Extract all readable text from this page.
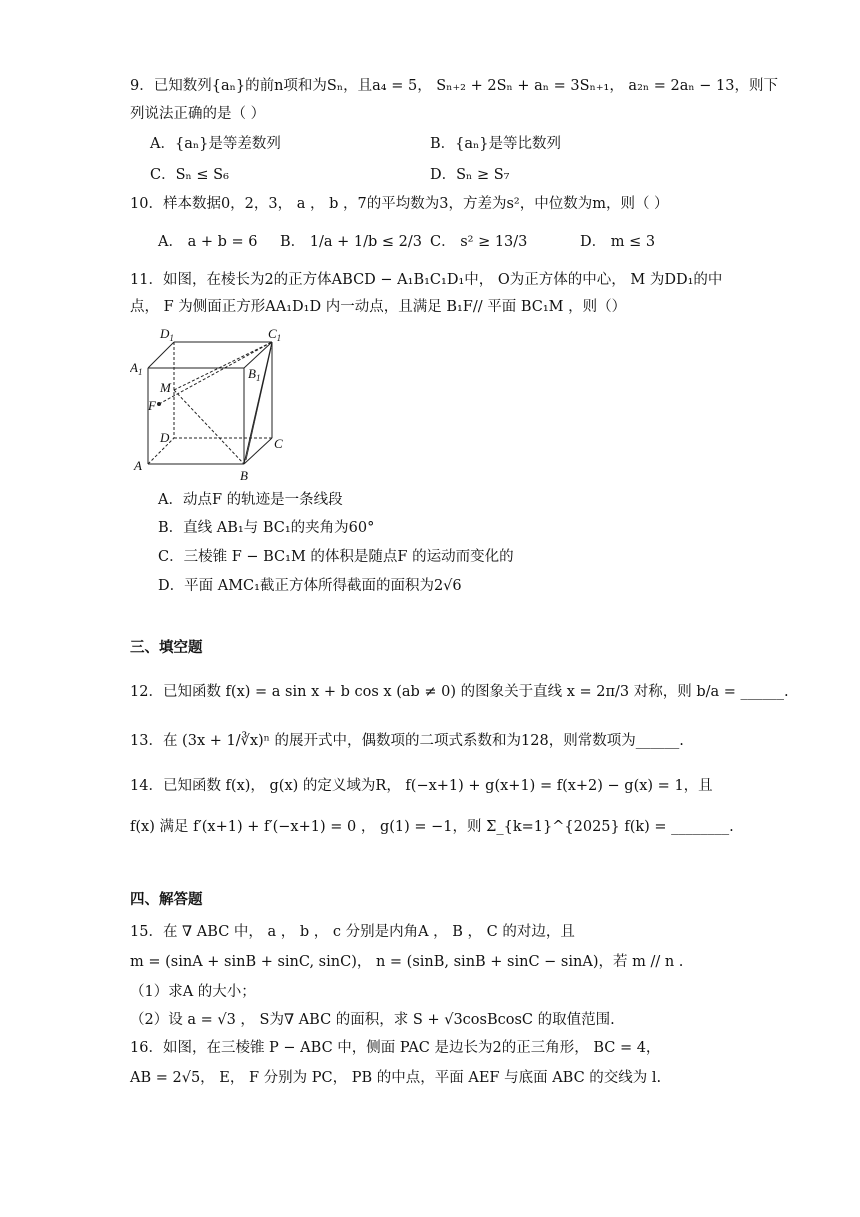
9．已知数列{aₙ}的前n项和为Sₙ，且a₄ = 5， Sₙ₊₂ + 2Sₙ + aₙ = 3Sₙ₊₁， a₂ₙ = 2aₙ − 13，则下
列说法正确的是（ ）
A．{aₙ}是等差数列	B．{aₙ}是等比数列
C．Sₙ ≤ S₆	D．Sₙ ≥ S₇
10．样本数据0，2，3， a ， b ，7的平均数为3，方差为s²，中位数为m，则（ ）
A． a + b = 6 B． 1/a + 1/b ≤ 2/3 C． s² ≥ 13/3	D． m ≤ 3
11．如图，在棱长为2的正方体ABCD − A₁B₁C₁D₁中， O为正方体的中心， M 为DD₁的中
点， F 为侧面正方形AA₁D₁D 内一动点，且满足 B₁F// 平面 BC₁M ，则（）
$D_1$	$C_1$
$A_1$	$B_1$
M
F
D	C
A
B
A．动点F 的轨迹是一条线段
B．直线 AB₁与 BC₁的夹角为60°
C．三棱锥 F − BC₁M 的体积是随点F 的运动而变化的
D．平面 AMC₁截正方体所得截面的面积为2√6
三、填空题
12．已知函数 f(x) = a sin x + b cos x (ab ≠ 0) 的图象关于直线 x = 2π/3 对称，则 b/a = ______.
13．在 (3x + 1/∛x)ⁿ 的展开式中，偶数项的二项式系数和为128，则常数项为______.
14．已知函数 f(x)， g(x) 的定义域为R， f(−x+1) + g(x+1) = f(x+2) − g(x) = 1，且
f(x) 满足 f′(x+1) + f′(−x+1) = 0 ， g(1) = −1，则 Σ_{k=1}^{2025} f(k) = ________.
四、解答题
15．在 ∇ ABC 中， a ， b ， c 分别是内角A ， B ， C 的对边，且
m = (sinA + sinB + sinC, sinC)， n = (sinB, sinB + sinC − sinA)，若 m // n .
（1）求A 的大小；
（2）设 a = √3 ， S为∇ ABC 的面积，求 S + √3cosBcosC 的取值范围.
16．如图，在三棱锥 P − ABC 中，侧面 PAC 是边长为2的正三角形， BC = 4，
AB = 2√5， E， F 分别为 PC， PB 的中点，平面 AEF 与底面 ABC 的交线为 l.
